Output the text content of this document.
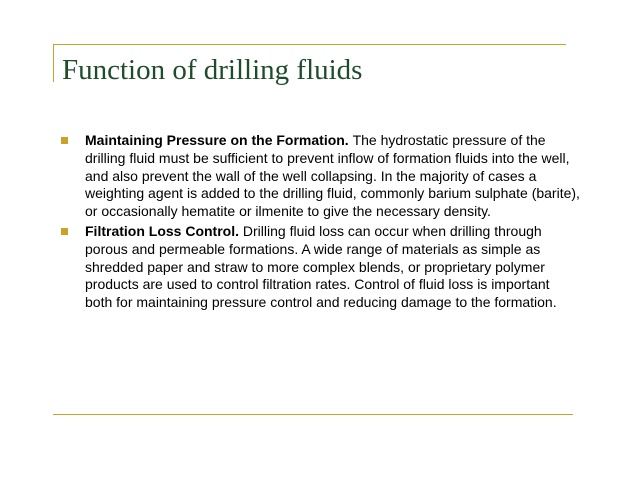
Function of drilling fluids
Maintaining Pressure on the Formation. The hydrostatic pressure of the drilling fluid must be sufficient to prevent inflow of formation fluids into the well, and also prevent the wall of the well collapsing. In the majority of cases a weighting agent is added to the drilling fluid, commonly barium sulphate (barite), or occasionally hematite or ilmenite to give the necessary density.
Filtration Loss Control. Drilling fluid loss can occur when drilling through porous and permeable formations. A wide range of materials as simple as shredded paper and straw to more complex blends, or proprietary polymer products are used to control filtration rates. Control of fluid loss is important both for maintaining pressure control and reducing damage to the formation.
